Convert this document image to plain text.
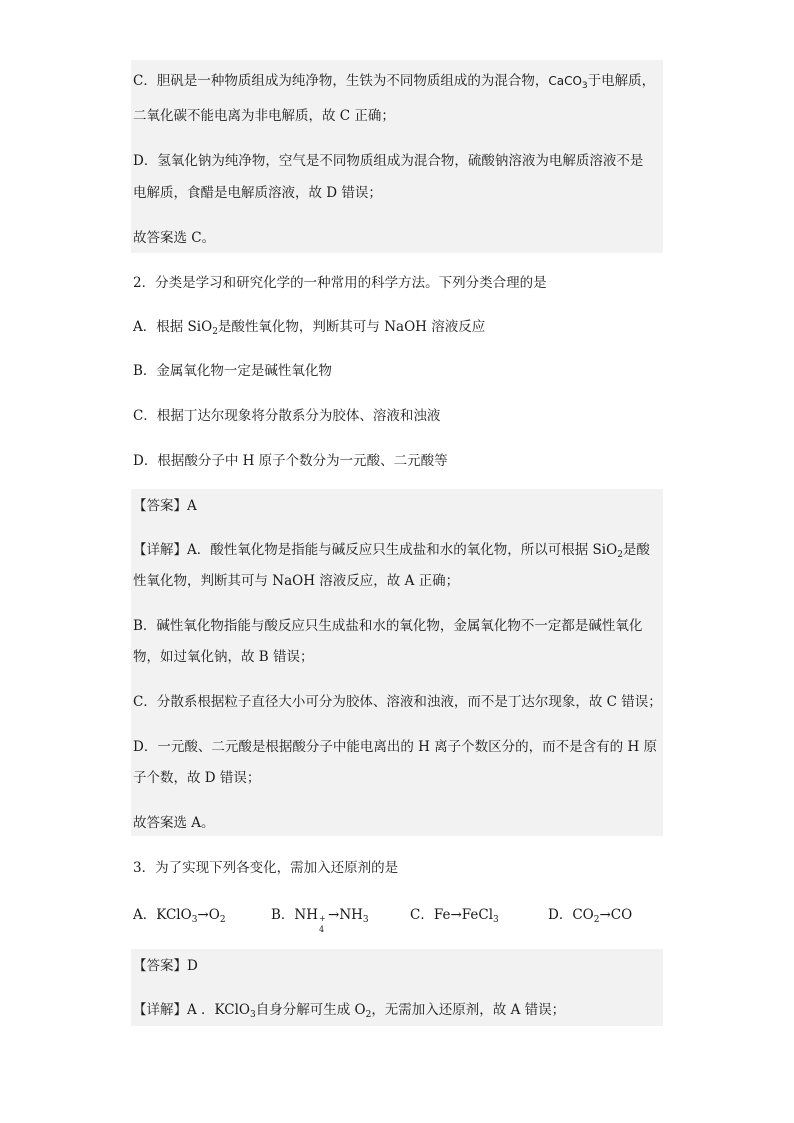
C．胆矾是一种物质组成为纯净物，生铁为不同物质组成的为混合物，CaCO$_3$于电解质，
二氧化碳不能电离为非电解质，故 C 正确；
D．氢氧化钠为纯净物，空气是不同物质组成为混合物，硫酸钠溶液为电解质溶液不是
电解质，食醋是电解质溶液，故 D 错误；
故答案选 C。
2．分类是学习和研究化学的一种常用的科学方法。下列分类合理的是
A．根据 SiO$_2$是酸性氧化物，判断其可与 NaOH 溶液反应
B．金属氧化物一定是碱性氧化物
C．根据丁达尔现象将分散系分为胶体、溶液和浊液
D．根据酸分子中 H 原子个数分为一元酸、二元酸等
【答案】A
【详解】A．酸性氧化物是指能与碱反应只生成盐和水的氧化物，所以可根据 SiO$_2$是酸
性氧化物，判断其可与 NaOH 溶液反应，故 A 正确；
B．碱性氧化物指能与酸反应只生成盐和水的氧化物，金属氧化物不一定都是碱性氧化
物，如过氧化钠，故 B 错误；
C．分散系根据粒子直径大小可分为胶体、溶液和浊液，而不是丁达尔现象，故 C 错误；
D．一元酸、二元酸是根据酸分子中能电离出的 H 离子个数区分的，而不是含有的 H 原
子个数，故 D 错误；
故答案选 A。
3．为了实现下列各变化，需加入还原剂的是
A．$KClO_3\to O_2$	B．NH +
4
$\to NH_3$	C．Fe→FeCl$_3$	D．$CO_2\to CO$
【答案】D
【详解】A ．KClO$_3$自身分解可生成 $O_2$，无需加入还原剂，故 A 错误；
